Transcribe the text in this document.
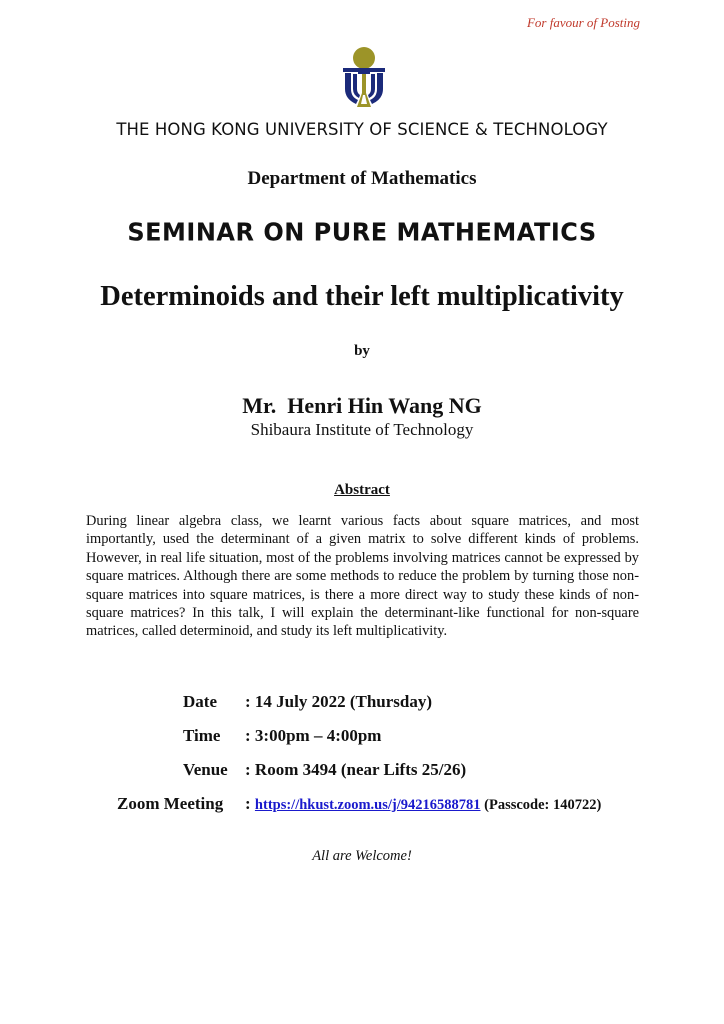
For favour of Posting
THE HONG KONG UNIVERSITY OF SCIENCE & TECHNOLOGY
Department of Mathematics
SEMINAR ON PURE MATHEMATICS
Determinoids and their left multiplicativity
by
Mr.  Henri Hin Wang NG
Shibaura Institute of Technology
Abstract
During linear algebra class, we learnt various facts about square matrices, and most importantly, used the determinant of a given matrix to solve different kinds of problems. However, in real life situation, most of the problems involving matrices cannot be expressed by square matrices. Although there are some methods to reduce the problem by turning those non-square matrices into square matrices, is there a more direct way to study these kinds of non-square matrices? In this talk, I will explain the determinant-like functional for non-square matrices, called determinoid, and study its left multiplicativity.
Date	: 14 July 2022 (Thursday)
Time : 3:00pm – 4:00pm
Venue : Room 3494 (near Lifts 25/26)
Zoom Meeting : https://hkust.zoom.us/j/94216588781 (Passcode: 140722)
All are Welcome!
